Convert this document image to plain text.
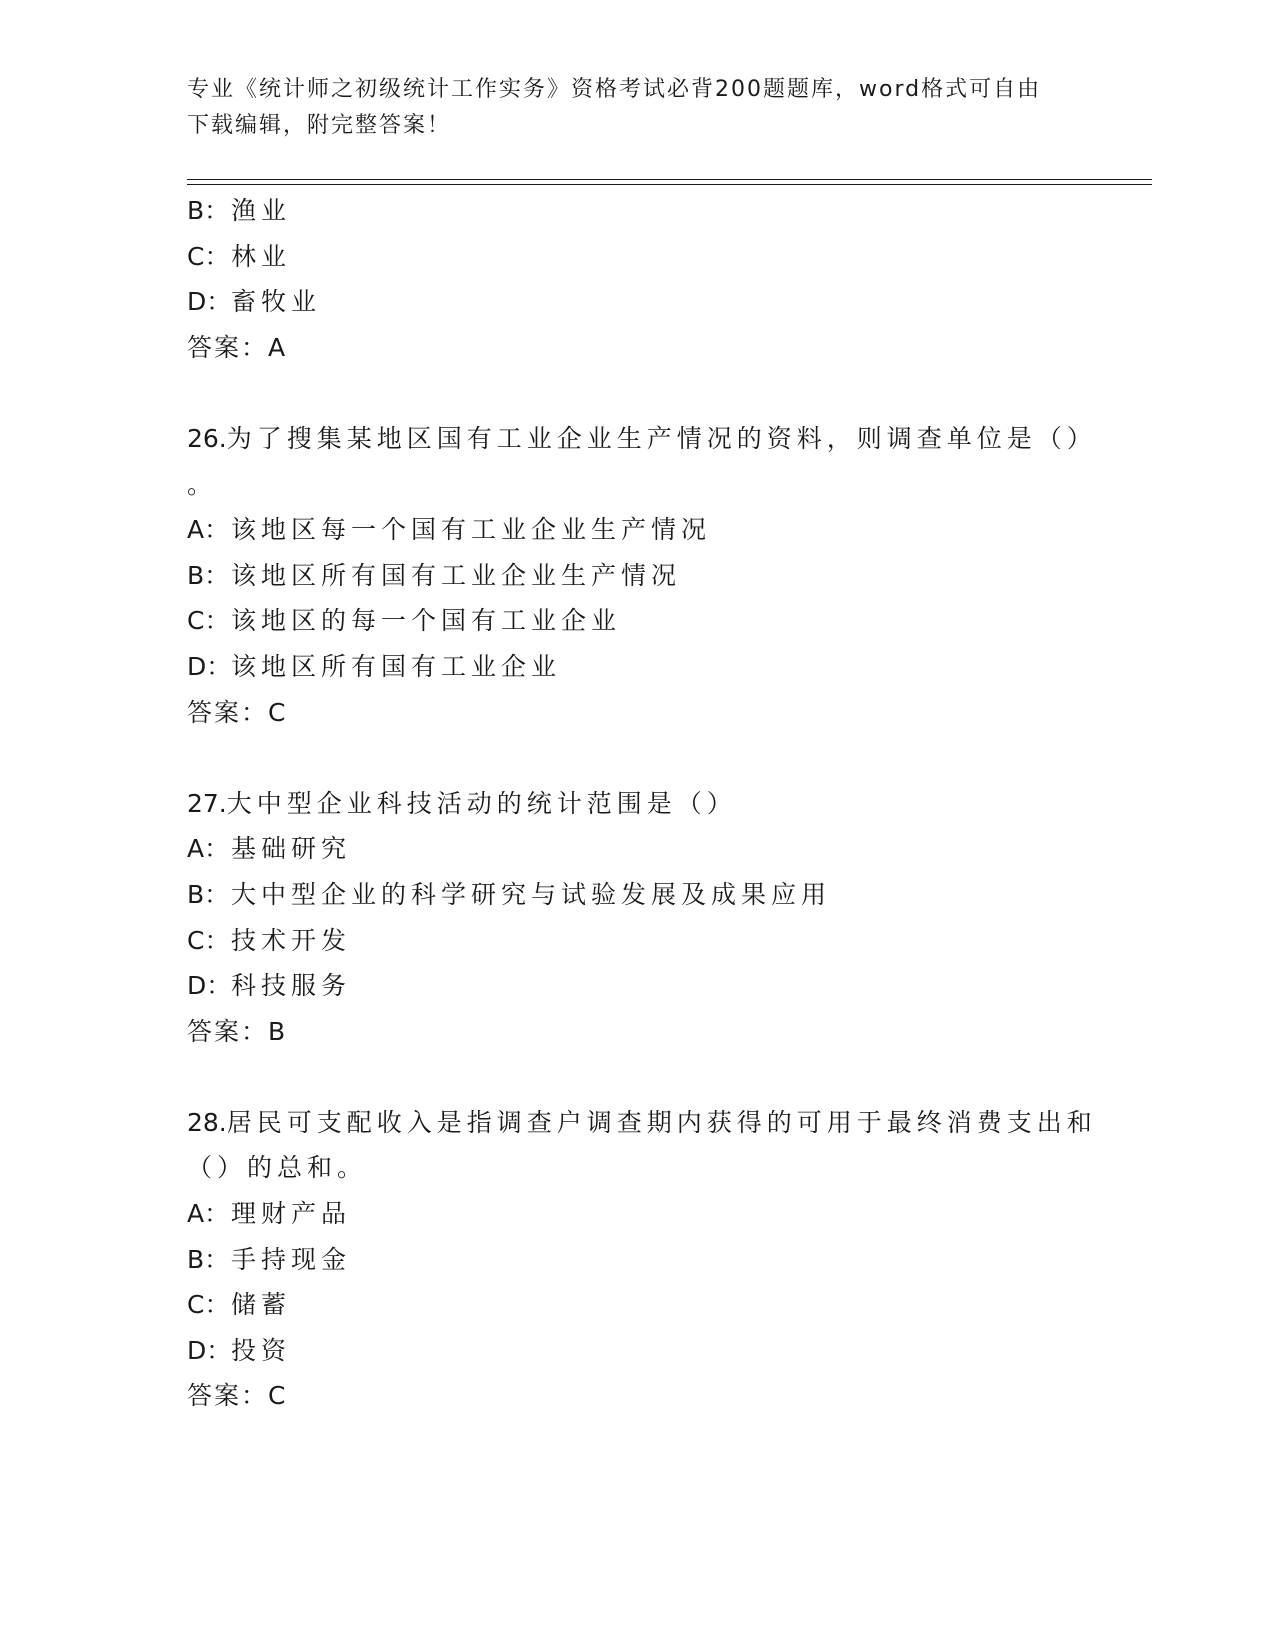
专业《统计师之初级统计工作实务》资格考试必背200题题库，word格式可自由
下载编辑，附完整答案！
B：渔业
C：林业
D：畜牧业
答案：A
26.为了搜集某地区国有工业企业生产情况的资料，则调查单位是（）
。
A：该地区每一个国有工业企业生产情况
B：该地区所有国有工业企业生产情况
C：该地区的每一个国有工业企业
D：该地区所有国有工业企业
答案：C
27.大中型企业科技活动的统计范围是（）
A：基础研究
B：大中型企业的科学研究与试验发展及成果应用
C：技术开发
D：科技服务
答案：B
28.居民可支配收入是指调查户调查期内获得的可用于最终消费支出和
（）的总和。
A：理财产品
B：手持现金
C：储蓄
D：投资
答案：C
